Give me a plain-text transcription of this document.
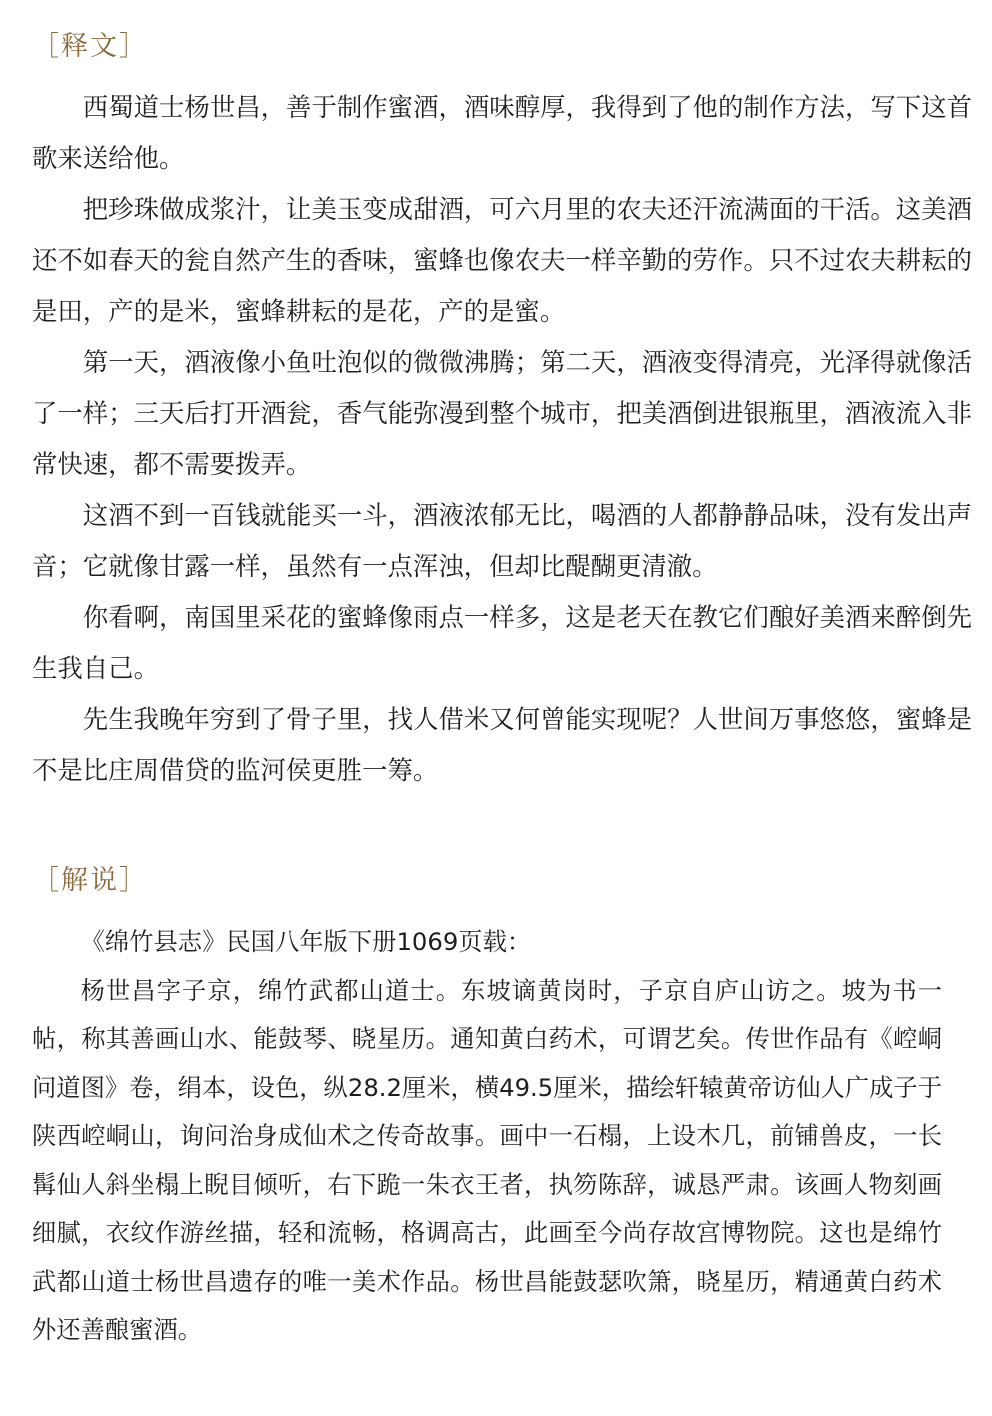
［释文］

西蜀道士杨世昌，善于制作蜜酒，酒味醇厚，我得到了他的制作方法，写下这首歌来送给他。

把珍珠做成浆汁，让美玉变成甜酒，可六月里的农夫还汗流满面的干活。这美酒还不如春天的瓮自然产生的香味，蜜蜂也像农夫一样辛勤的劳作。只不过农夫耕耘的是田，产的是米，蜜蜂耕耘的是花，产的是蜜。

第一天，酒液像小鱼吐泡似的微微沸腾；第二天，酒液变得清亮，光泽得就像活了一样；三天后打开酒瓮，香气能弥漫到整个城市，把美酒倒进银瓶里，酒液流入非常快速，都不需要拨弄。

这酒不到一百钱就能买一斗，酒液浓郁无比，喝酒的人都静静品味，没有发出声音；它就像甘露一样，虽然有一点浑浊，但却比醍醐更清澈。

你看啊，南国里采花的蜜蜂像雨点一样多，这是老天在教它们酿好美酒来醉倒先生我自己。

先生我晚年穷到了骨子里，找人借米又何曾能实现呢？人世间万事悠悠，蜜蜂是不是比庄周借贷的监河侯更胜一筹。

［解说］

《绵竹县志》民国八年版下册1069页载：

杨世昌字子京，绵竹武都山道士。东坡谪黄岗时，子京自庐山访之。坡为书一帖，称其善画山水、能鼓琴、晓星历。通知黄白药术，可谓艺矣。传世作品有《崆峒问道图》卷，绢本，设色，纵28.2厘米，横49.5厘米，描绘轩辕黄帝访仙人广成子于陕西崆峒山，询问治身成仙术之传奇故事。画中一石榻，上设木几，前铺兽皮，一长髯仙人斜坐榻上睨目倾听，右下跪一朱衣王者，执笏陈辞，诚恳严肃。该画人物刻画细腻，衣纹作游丝描，轻和流畅，格调高古，此画至今尚存故宫博物院。这也是绵竹武都山道士杨世昌遗存的唯一美术作品。杨世昌能鼓瑟吹箫，晓星历，精通黄白药术外还善酿蜜酒。
